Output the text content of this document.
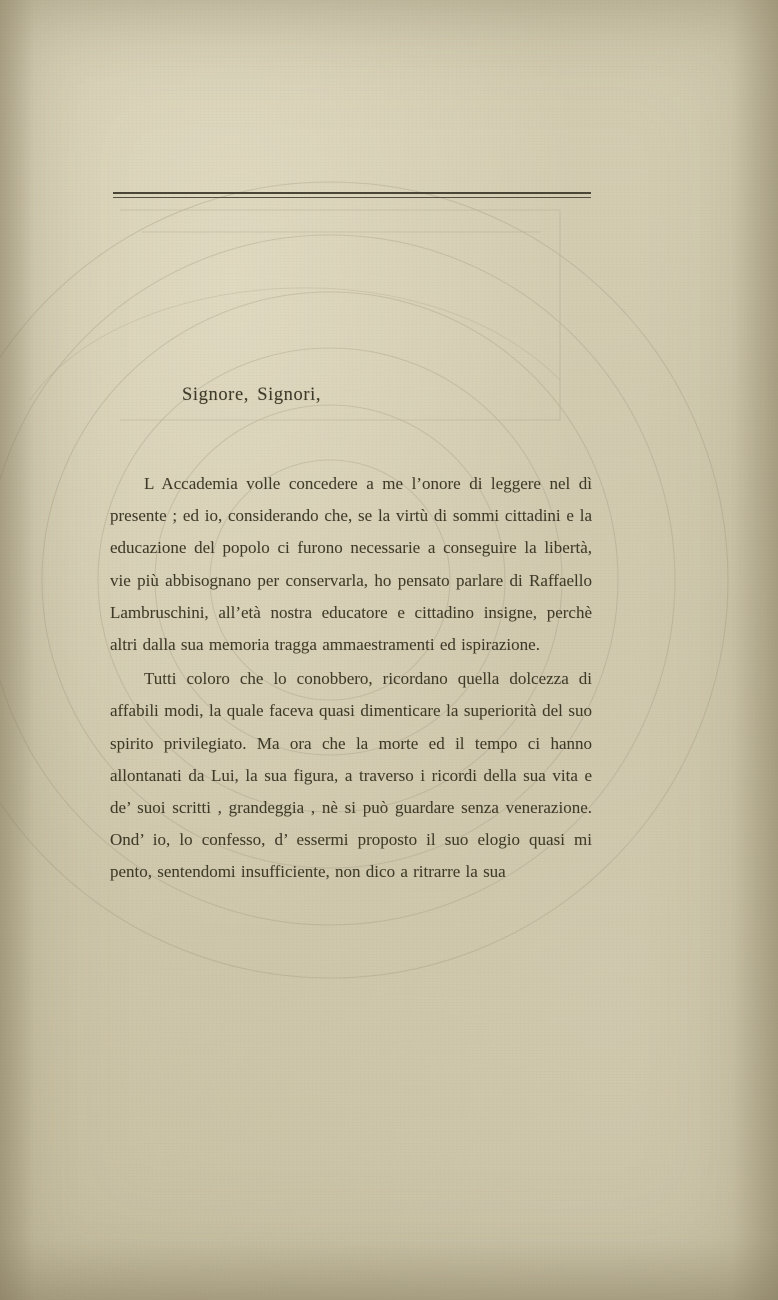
Signore, Signori,

L Accademia volle concedere a me l’onore di leggere nel dì presente ; ed io, considerando che, se la virtù di sommi cittadini e la educazione del popolo ci furono necessarie a conseguire la libertà, vie più abbisognano per conservarla, ho pensato parlare di Raffaello Lambruschini, all’età nostra educatore e cittadino insigne, perchè altri dalla sua memoria tragga ammaestramenti ed ispirazione.

Tutti coloro che lo conobbero, ricordano quella dolcezza di affabili modi, la quale faceva quasi dimenticare la superiorità del suo spirito privilegiato. Ma ora che la morte ed il tempo ci hanno allontanati da Lui, la sua figura, a traverso i ricordi della sua vita e de’ suoi scritti , grandeggia , nè si può guardare senza venerazione. Ond’ io, lo confesso, d’ essermi proposto il suo elogio quasi mi pento, sentendomi insufficiente, non dico a ritrarre la sua
